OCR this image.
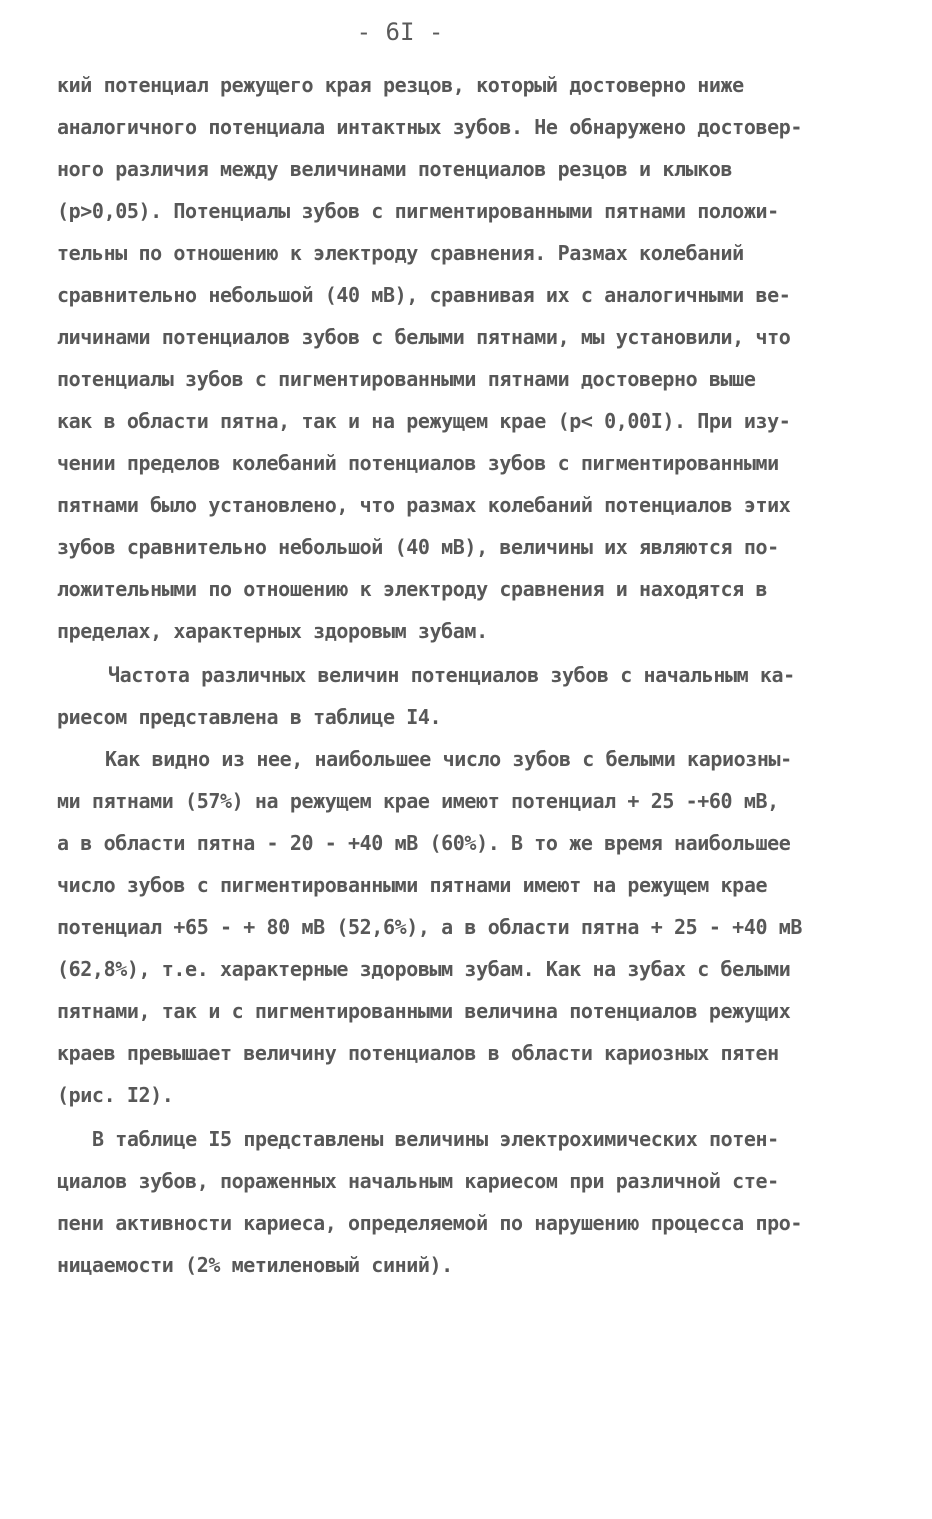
- 6I -
кий потенциал режущего края резцов, который достоверно ниже
аналогичного потенциала интактных зубов. Не обнаружено достовер-
ного различия между величинами потенциалов резцов и клыков
(p>0,05). Потенциалы зубов с пигментированными пятнами положи-
тельны по отношению к электроду сравнения. Размах колебаний
сравнительно небольшой (40 мВ), сравнивая их с аналогичными ве-
личинами потенциалов зубов с белыми пятнами, мы установили, что
потенциалы зубов с пигментированными пятнами достоверно выше
как в области пятна, так и на режущем крае (p< 0,00I). При изу-
чении пределов колебаний потенциалов зубов с пигментированными
пятнами было установлено, что размах колебаний потенциалов этих
зубов сравнительно небольшой (40 мВ), величины их являются по-
ложительными по отношению к электроду сравнения и находятся в
пределах, характерных здоровым зубам.
Частота различных величин потенциалов зубов с начальным ка-
риесом представлена в таблице I4.
Как видно из нее, наибольшее число зубов с белыми кариозны-
ми пятнами (57%) на режущем крае имеют потенциал + 25 -+60 мВ,
а в области пятна - 20 - +40 мВ (60%). В то же время наибольшее
число зубов с пигментированными пятнами имеют на режущем крае
потенциал +65 - + 80 мВ (52,6%), а в области пятна + 25 - +40 мВ
(62,8%), т.е. характерные здоровым зубам. Как на зубах с белыми
пятнами, так и с пигментированными величина потенциалов режущих
краев превышает величину потенциалов в области кариозных пятен
(рис. I2).
В таблице I5 представлены величины электрохимических потен-
циалов зубов, пораженных начальным кариесом при различной сте-
пени активности кариеса, определяемой по нарушению процесса про-
ницаемости (2% метиленовый синий).
